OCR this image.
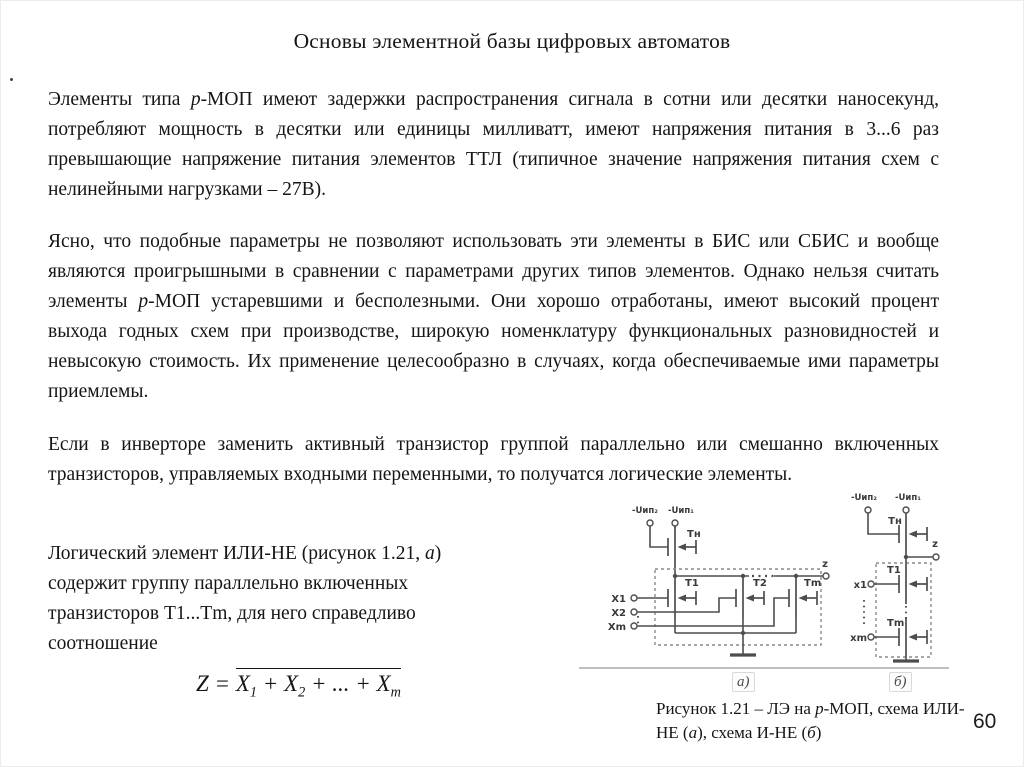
Основы элементной базы цифровых автоматов
Элементы типа р-МОП имеют задержки распространения сигнала в сотни или десятки наносекунд, потребляют мощность в десятки или единицы милливатт, имеют напряжения питания в 3...6 раз превышающие напряжение питания элементов ТТЛ (типичное значение напряжения питания схем с нелинейными нагрузками – 27В).
Ясно, что подобные параметры не позволяют использовать эти элементы в БИС или СБИС и вообще являются проигрышными в сравнении с параметрами других типов элементов. Однако нельзя считать элементы р-МОП устаревшими и бесполезными. Они хорошо отработаны, имеют высокий процент выхода годных схем при производстве, широкую номенклатуру функциональных разновидностей и невысокую стоимость. Их применение целесообразно в случаях, когда обеспечиваемые ими параметры приемлемы.
Если в инверторе заменить активный транзистор группой параллельно или смешанно включенных транзисторов, управляемых входными переменными, то получатся логические элементы.
Логический элемент ИЛИ-НЕ (рисунок 1.21, а) содержит группу параллельно включенных транзисторов Т1...Тm, для него справедливо соотношение
$Z = X_1 + X_2$ + ... + $X_m$
-Uип₂ -Uип₁
Тн
z
Т1	Т2	Тm
X1
X2
Xm
-Uип₂ -Uип₁
Тн
z
Т1
x1
Тm
xm
а)	б)
Рисунок 1.21 – ЛЭ на p-МОП, схема ИЛИ-НЕ (а), схема И-НЕ (б)	60
